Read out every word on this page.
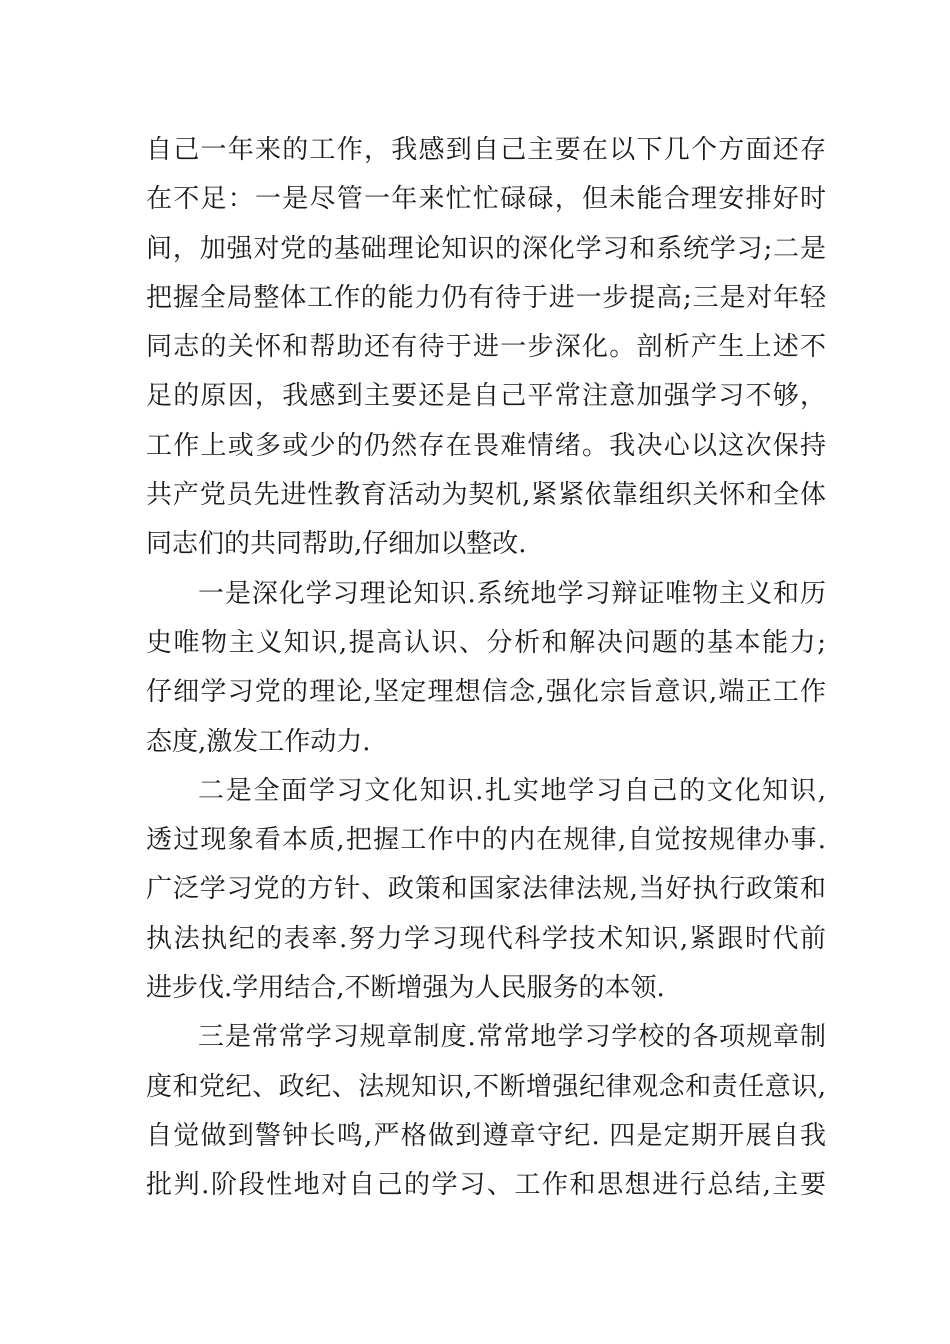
自己一年来的工作，我感到自己主要在以下几个方面还存
在不足：一是尽管一年来忙忙碌碌，但未能合理安排好时
间，加强对党的基础理论知识的深化学习和系统学习;二是
把握全局整体工作的能力仍有待于进一步提高;三是对年轻
同志的关怀和帮助还有待于进一步深化。剖析产生上述不
足的原因，我感到主要还是自己平常注意加强学习不够，
工作上或多或少的仍然存在畏难情绪。我决心以这次保持
共产党员先进性教育活动为契机,紧紧依靠组织关怀和全体
同志们的共同帮助,仔细加以整改.
一是深化学习理论知识.系统地学习辩证唯物主义和历
史唯物主义知识,提高认识、分析和解决问题的基本能力;
仔细学习党的理论,坚定理想信念,强化宗旨意识,端正工作
态度,激发工作动力.
二是全面学习文化知识.扎实地学习自己的文化知识,
透过现象看本质,把握工作中的内在规律,自觉按规律办事.
广泛学习党的方针、政策和国家法律法规,当好执行政策和
执法执纪的表率.努力学习现代科学技术知识,紧跟时代前
进步伐.学用结合,不断增强为人民服务的本领.
三是常常学习规章制度.常常地学习学校的各项规章制
度和党纪、政纪、法规知识,不断增强纪律观念和责任意识,
自觉做到警钟长鸣,严格做到遵章守纪. 四是定期开展自我
批判.阶段性地对自己的学习、工作和思想进行总结,主要
